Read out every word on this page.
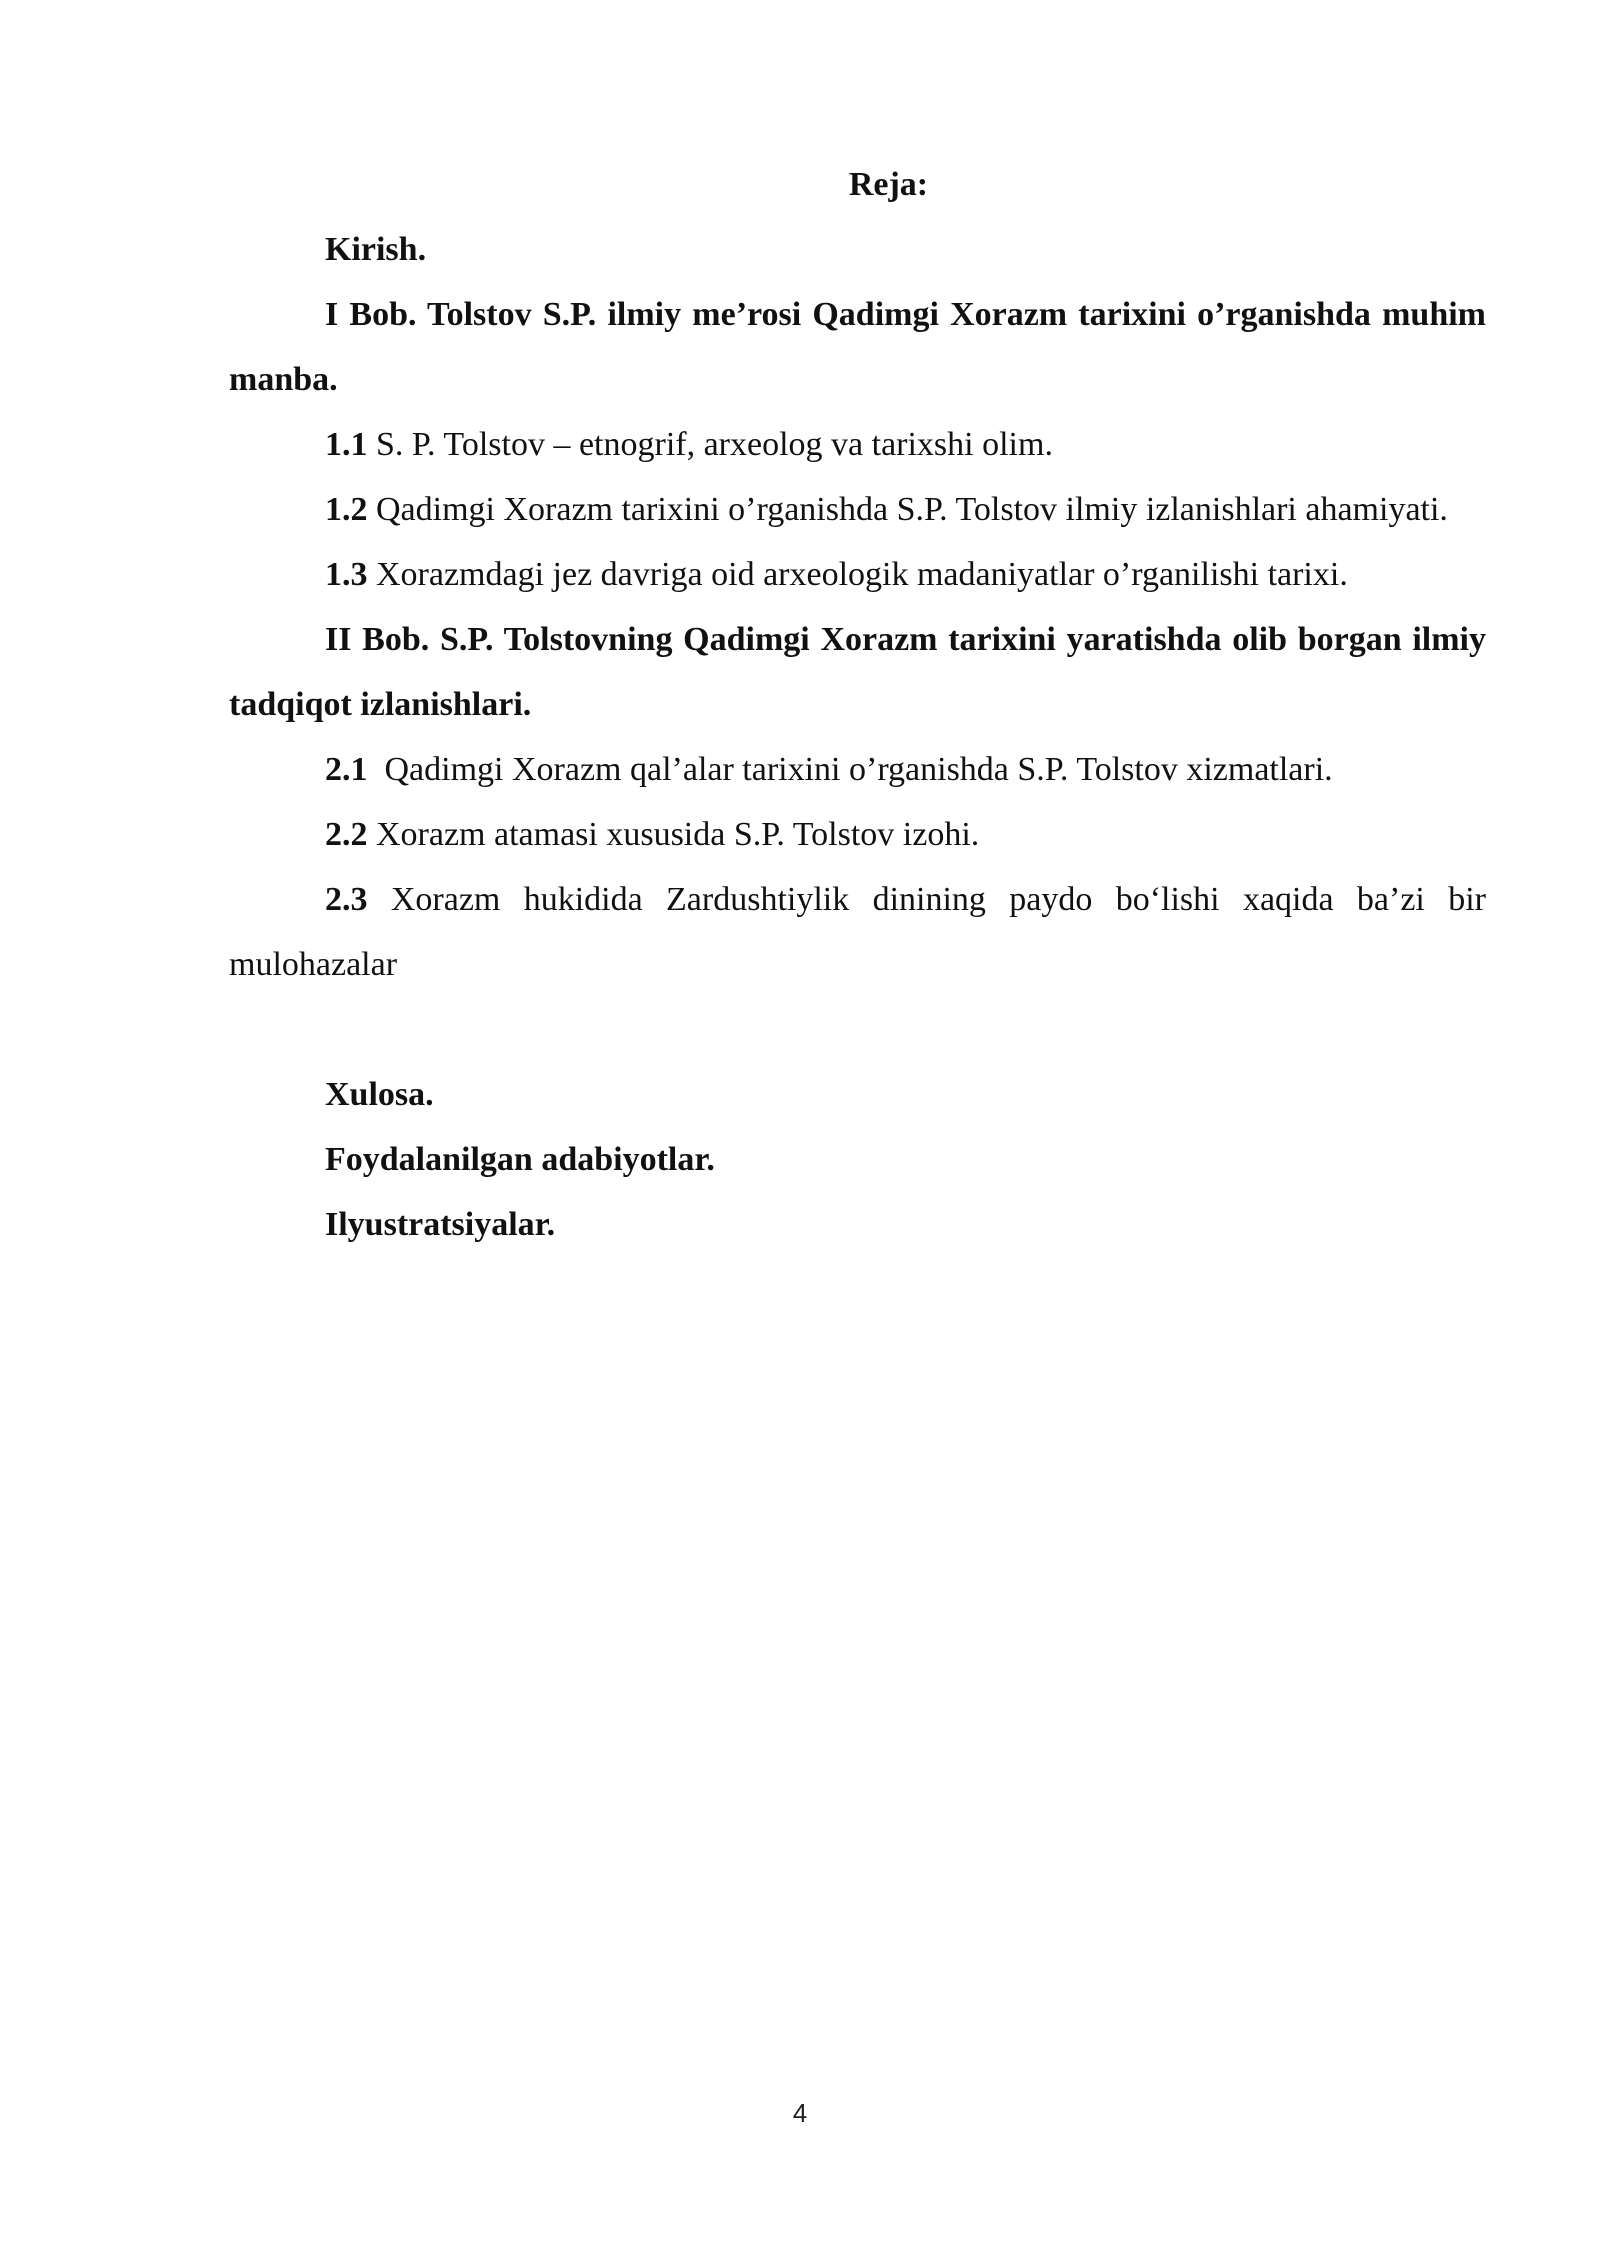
Reja:

Kirish.

I Bob. Tolstov S.P. ilmiy me’rosi Qadimgi Xorazm tarixini o’rganishda muhim manba.

1.1 S. P. Tolstov – etnogrif, arxeolog va tarixshi olim.

1.2 Qadimgi Xorazm tarixini o’rganishda S.P. Tolstov ilmiy izlanishlari ahamiyati.

1.3 Xorazmdagi jez davriga oid arxeologik madaniyatlar o’rganilishi tarixi.

II Bob. S.P. Tolstovning Qadimgi Xorazm tarixini yaratishda olib borgan ilmiy tadqiqot izlanishlari.

2.1  Qadimgi Xorazm qal’alar tarixini o’rganishda S.P. Tolstov xizmatlari.

2.2 Xorazm atamasi xususida S.P. Tolstov izohi.

2.3 Xorazm hukidida Zardushtiylik dinining paydo bo‘lishi xaqida ba’zi bir mulohazalar

Xulosa.

Foydalanilgan adabiyotlar.

Ilyustratsiyalar.

4
